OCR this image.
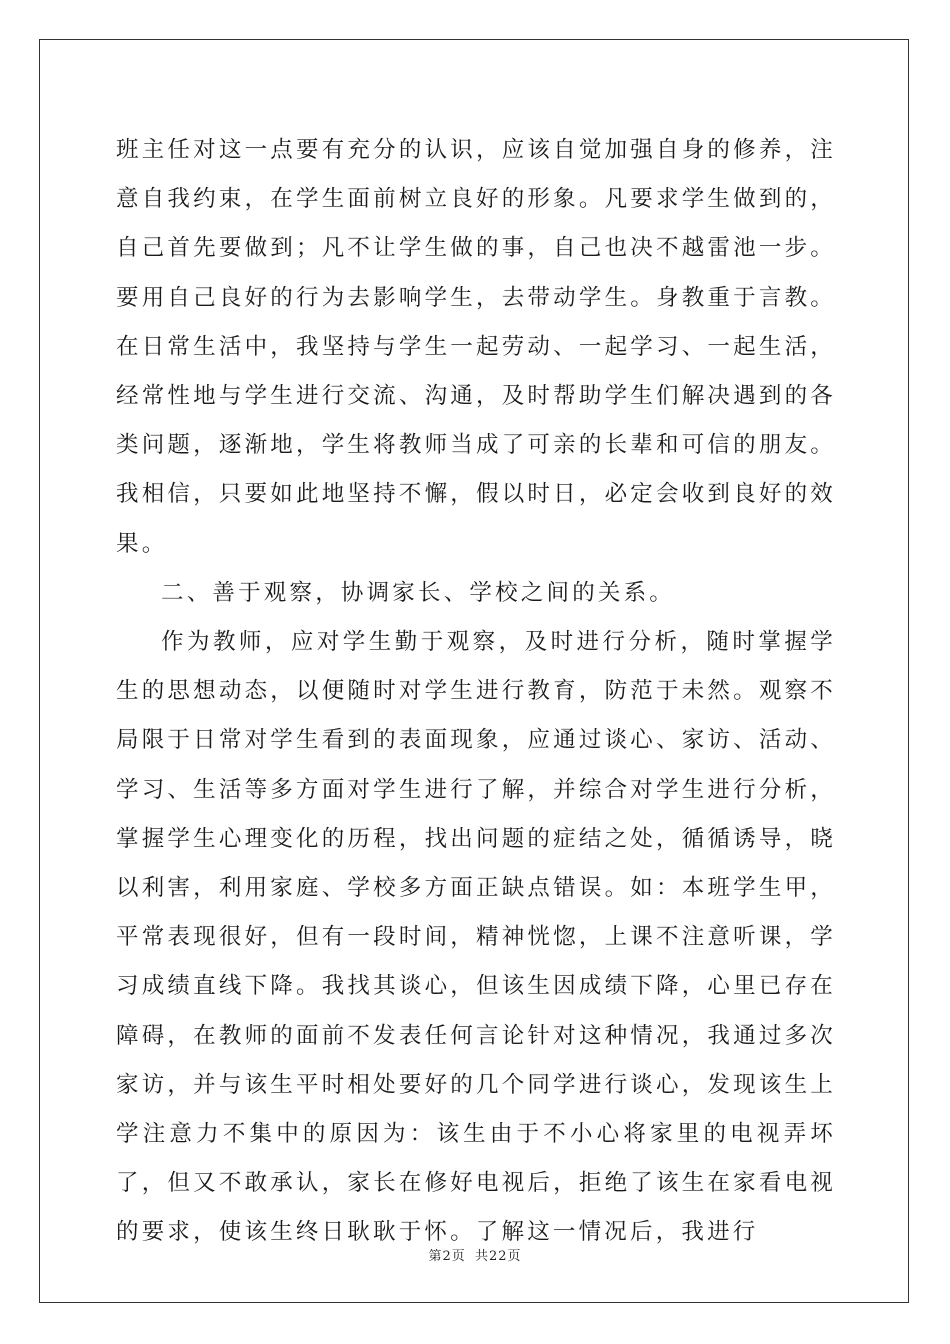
班主任对这一点要有充分的认识，应该自觉加强自身的修养，注意自我约束，在学生面前树立良好的形象。凡要求学生做到的，自己首先要做到；凡不让学生做的事，自己也决不越雷池一步。要用自己良好的行为去影响学生，去带动学生。身教重于言教。在日常生活中，我坚持与学生一起劳动、一起学习、一起生活，经常性地与学生进行交流、沟通，及时帮助学生们解决遇到的各类问题，逐渐地，学生将教师当成了可亲的长辈和可信的朋友。我相信，只要如此地坚持不懈，假以时日，必定会收到良好的效果。

二、善于观察，协调家长、学校之间的关系。

作为教师，应对学生勤于观察，及时进行分析，随时掌握学生的思想动态，以便随时对学生进行教育，防范于未然。观察不局限于日常对学生看到的表面现象，应通过谈心、家访、活动、学习、生活等多方面对学生进行了解，并综合对学生进行分析，掌握学生心理变化的历程，找出问题的症结之处，循循诱导，晓以利害，利用家庭、学校多方面正缺点错误。如：本班学生甲，平常表现很好，但有一段时间，精神恍惚，上课不注意听课，学习成绩直线下降。我找其谈心，但该生因成绩下降，心里已存在障碍，在教师的面前不发表任何言论针对这种情况，我通过多次家访，并与该生平时相处要好的几个同学进行谈心，发现该生上学注意力不集中的原因为：该生由于不小心将家里的电视弄坏了，但又不敢承认，家长在修好电视后，拒绝了该生在家看电视的要求，使该生终日耿耿于怀。了解这一情况后，我进行

第2页 共22页
